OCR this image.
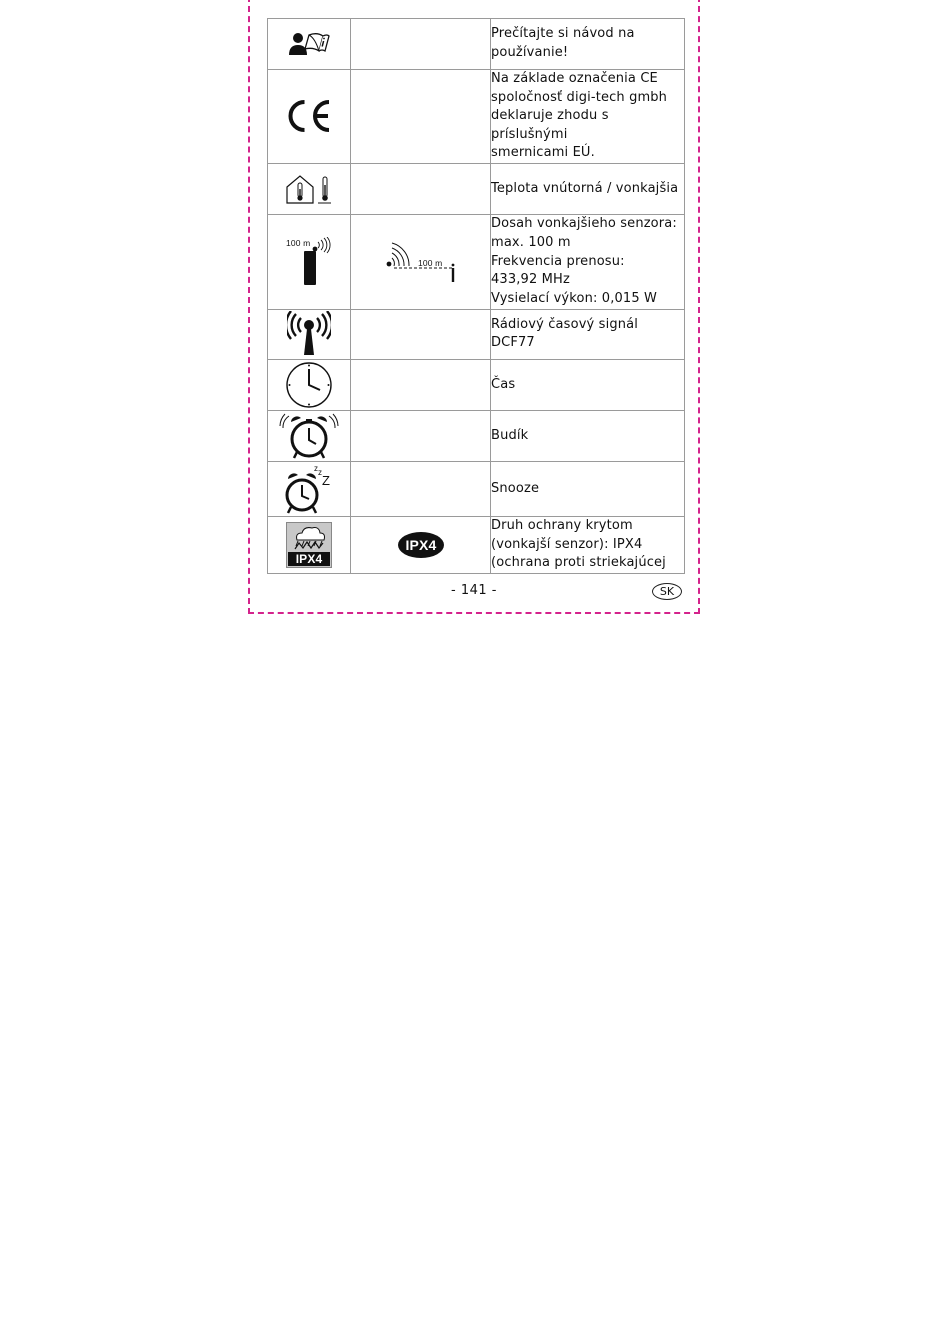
Prečítajte si návod na
používanie!

Na základe označenia CE
spoločnosť digi-tech gmbh
deklaruje zhodu s príslušnými
smernicami EÚ.

Teplota vnútorná / vonkajšia

100 m	100 m	Dosah vonkajšieho senzora:
max. 100 m
Frekvencia prenosu:
433,92 MHz
Vysielací výkon: 0,015 W

Rádiový časový signál
DCF77

Čas

Budík

z z
Z		Snooze

IPX4	IPX4	Druh ochrany krytom
(vonkajší senzor): IPX4
(ochrana proti striekajúcej
- 141 -	SK
